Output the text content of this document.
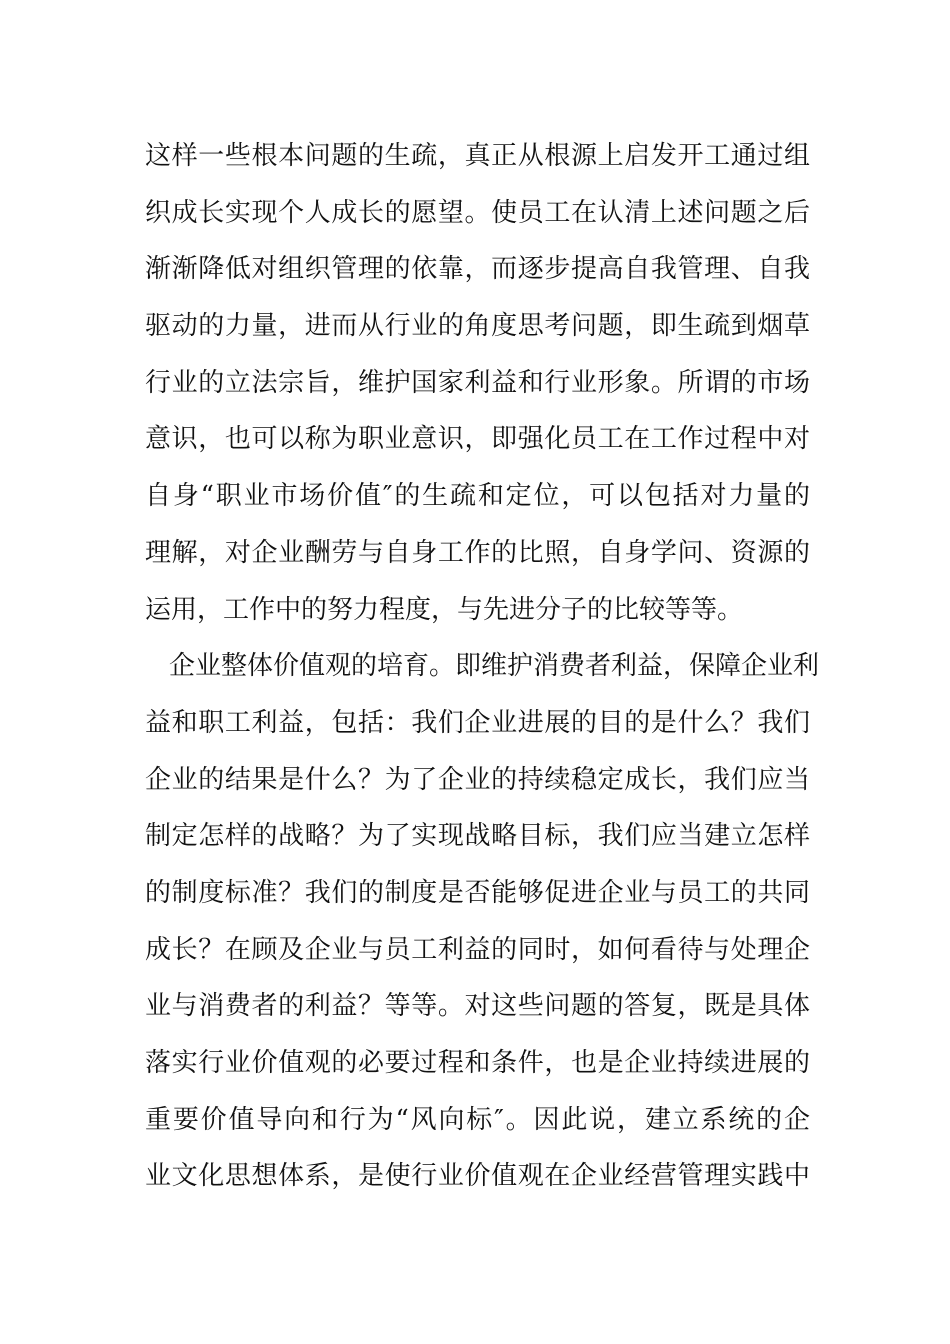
这样一些根本问题的生疏，真正从根源上启发开工通过组
织成长实现个人成长的愿望。使员工在认清上述问题之后
渐渐降低对组织管理的依靠，而逐步提高自我管理、自我
驱动的力量，进而从行业的角度思考问题，即生疏到烟草
行业的立法宗旨，维护国家利益和行业形象。所谓的市场
意识，也可以称为职业意识，即强化员工在工作过程中对
自身“职业市场价值″的生疏和定位，可以包括对力量的
理解，对企业酬劳与自身工作的比照，自身学问、资源的
运用，工作中的努力程度，与先进分子的比较等等。
企业整体价值观的培育。即维护消费者利益，保障企业利
益和职工利益，包括：我们企业进展的目的是什么？我们
企业的结果是什么？为了企业的持续稳定成长，我们应当
制定怎样的战略？为了实现战略目标，我们应当建立怎样
的制度标准？我们的制度是否能够促进企业与员工的共同
成长？在顾及企业与员工利益的同时，如何看待与处理企
业与消费者的利益？等等。对这些问题的答复，既是具体
落实行业价值观的必要过程和条件，也是企业持续进展的
重要价值导向和行为“风向标″。因此说，建立系统的企
业文化思想体系，是使行业价值观在企业经营管理实践中
